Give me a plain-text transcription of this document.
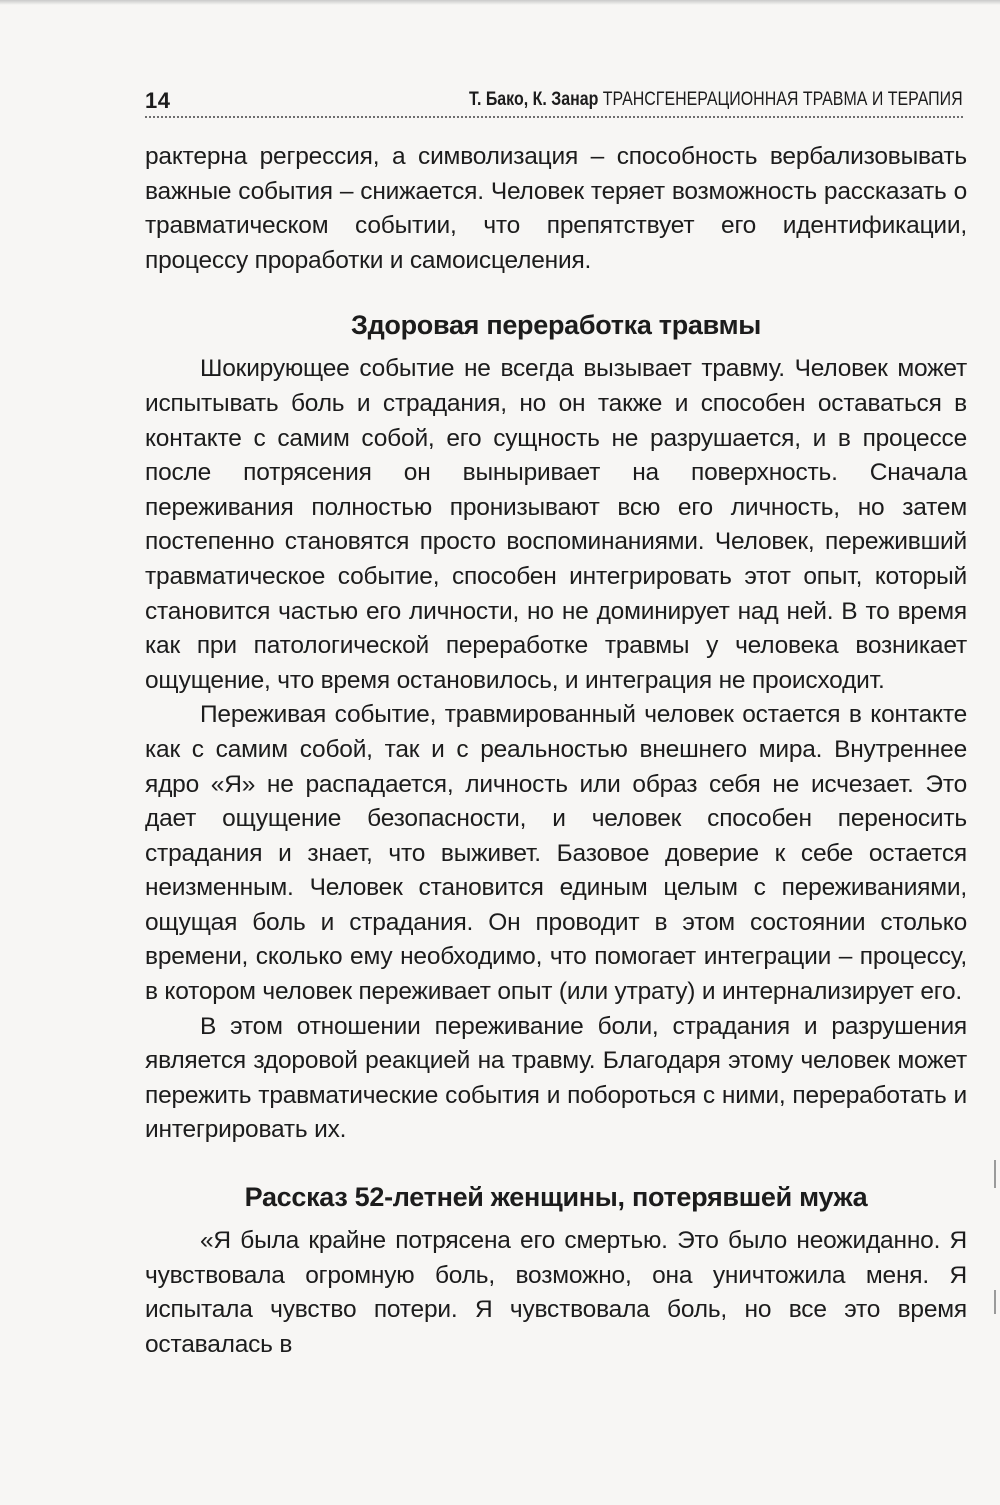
14	Т. Бако, К. Занар ТРАНСГЕНЕРАЦИОННАЯ ТРАВМА И ТЕРАПИЯ

рактерна регрессия, а символизация – способность вербализовывать важные события – снижается. Человек теряет возможность рассказать о травматическом событии, что препятствует его идентификации, процессу проработки и самоисцеления.

Здоровая переработка травмы

Шокирующее событие не всегда вызывает травму. Человек может испытывать боль и страдания, но он также и способен оставаться в контакте с самим собой, его сущность не разрушается, и в процессе после потрясения он выныривает на поверхность. Сначала переживания полностью пронизывают всю его личность, но затем постепенно становятся просто воспоминаниями. Человек, переживший травматическое событие, способен интегрировать этот опыт, который становится частью его личности, но не доминирует над ней. В то время как при патологической переработке травмы у человека возникает ощущение, что время остановилось, и интеграция не происходит.

Переживая событие, травмированный человек остается в контакте как с самим собой, так и с реальностью внешнего мира. Внутреннее ядро «Я» не распадается, личность или образ себя не исчезает. Это дает ощущение безопасности, и человек способен переносить страдания и знает, что выживет. Базовое доверие к себе остается неизменным. Человек становится единым целым с переживаниями, ощущая боль и страдания. Он проводит в этом состоянии столько времени, сколько ему необходимо, что помогает интеграции – процессу, в котором человек переживает опыт (или утрату) и интернализирует его.

В этом отношении переживание боли, страдания и разрушения является здоровой реакцией на травму. Благодаря этому человек может пережить травматические события и побороться с ними, переработать и интегрировать их.

Рассказ 52-летней женщины, потерявшей мужа

«Я была крайне потрясена его смертью. Это было неожиданно. Я чувствовала огромную боль, возможно, она уничтожила меня. Я испытала чувство потери. Я чувствовала боль, но все это время оставалась в
